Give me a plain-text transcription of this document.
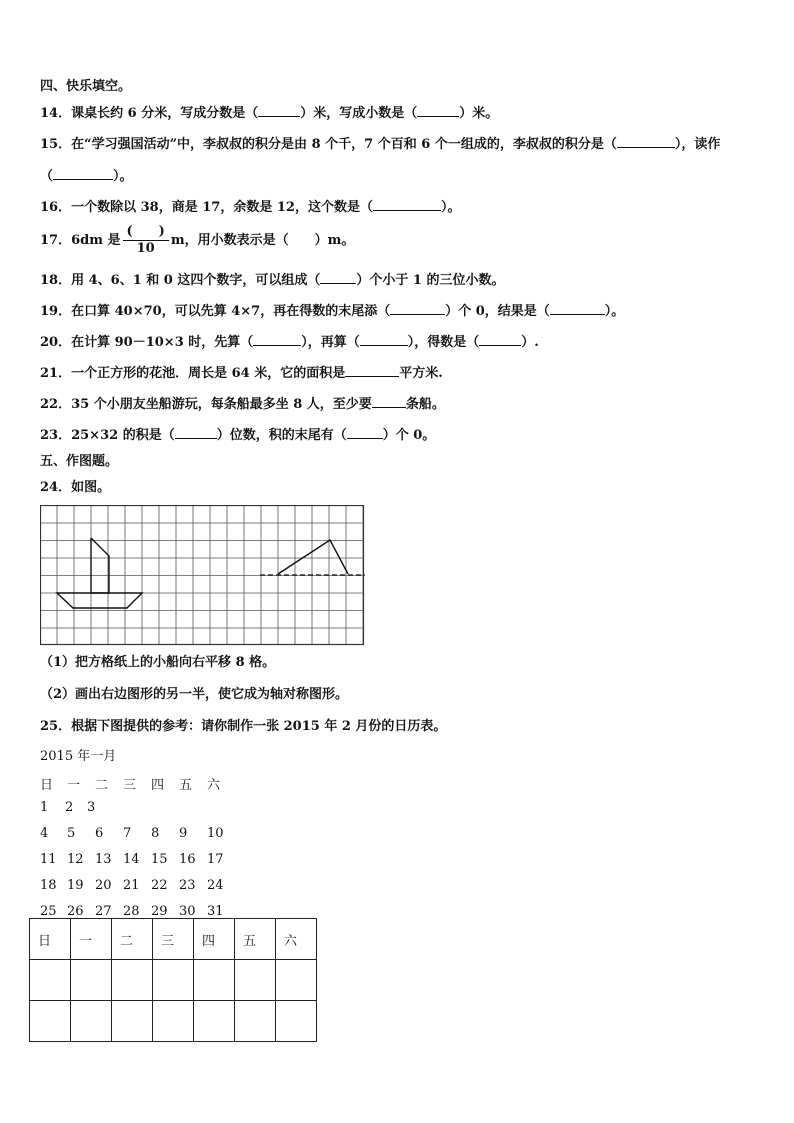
四、快乐填空。
14．课桌长约 6 分米，写成分数是（	）米，写成小数是（	）米。
15．在“学习强国活动”中，李叔叔的积分是由 8 个千，7 个百和 6 个一组成的，李叔叔的积分是（	），读作
（	）。
16．一个数除以 38，商是 17，余数是 12，这个数是（	）。
17．6dm 是 $\frac{( )}{10}$ m，用小数表示是（　　）m。
18．用 4、6、1 和 0 这四个数字，可以组成（	）个小于 1 的三位小数。
19．在口算 40×70，可以先算 4×7，再在得数的末尾添（	）个 0，结果是（	）。
20．在计算 90－10×3 时，先算（	），再算（	），得数是（	）.
21．一个正方形的花池．周长是 64 米，它的面积是	平方米.
22．35 个小朋友坐船游玩，每条船最多坐 8 人，至少要	条船。
23．25×32 的积是（	）位数，积的末尾有（	）个 0。
五、作图题。
24．如图。
（1）把方格纸上的小船向右平移 8 格。
（2）画出右边图形的另一半，使它成为轴对称图形。
25．根据下图提供的参考：请你制作一张 2015 年 2 月份的日历表。
2015 年一月
日 一 二 三 四 五 六
1 2 3
4 5 6 7 8 9 10
11 12 13 14 15 16 17
18 19 20 21 22 23 24
25 26 27 28 29 30 31
日	一	二	三	四	五	六
